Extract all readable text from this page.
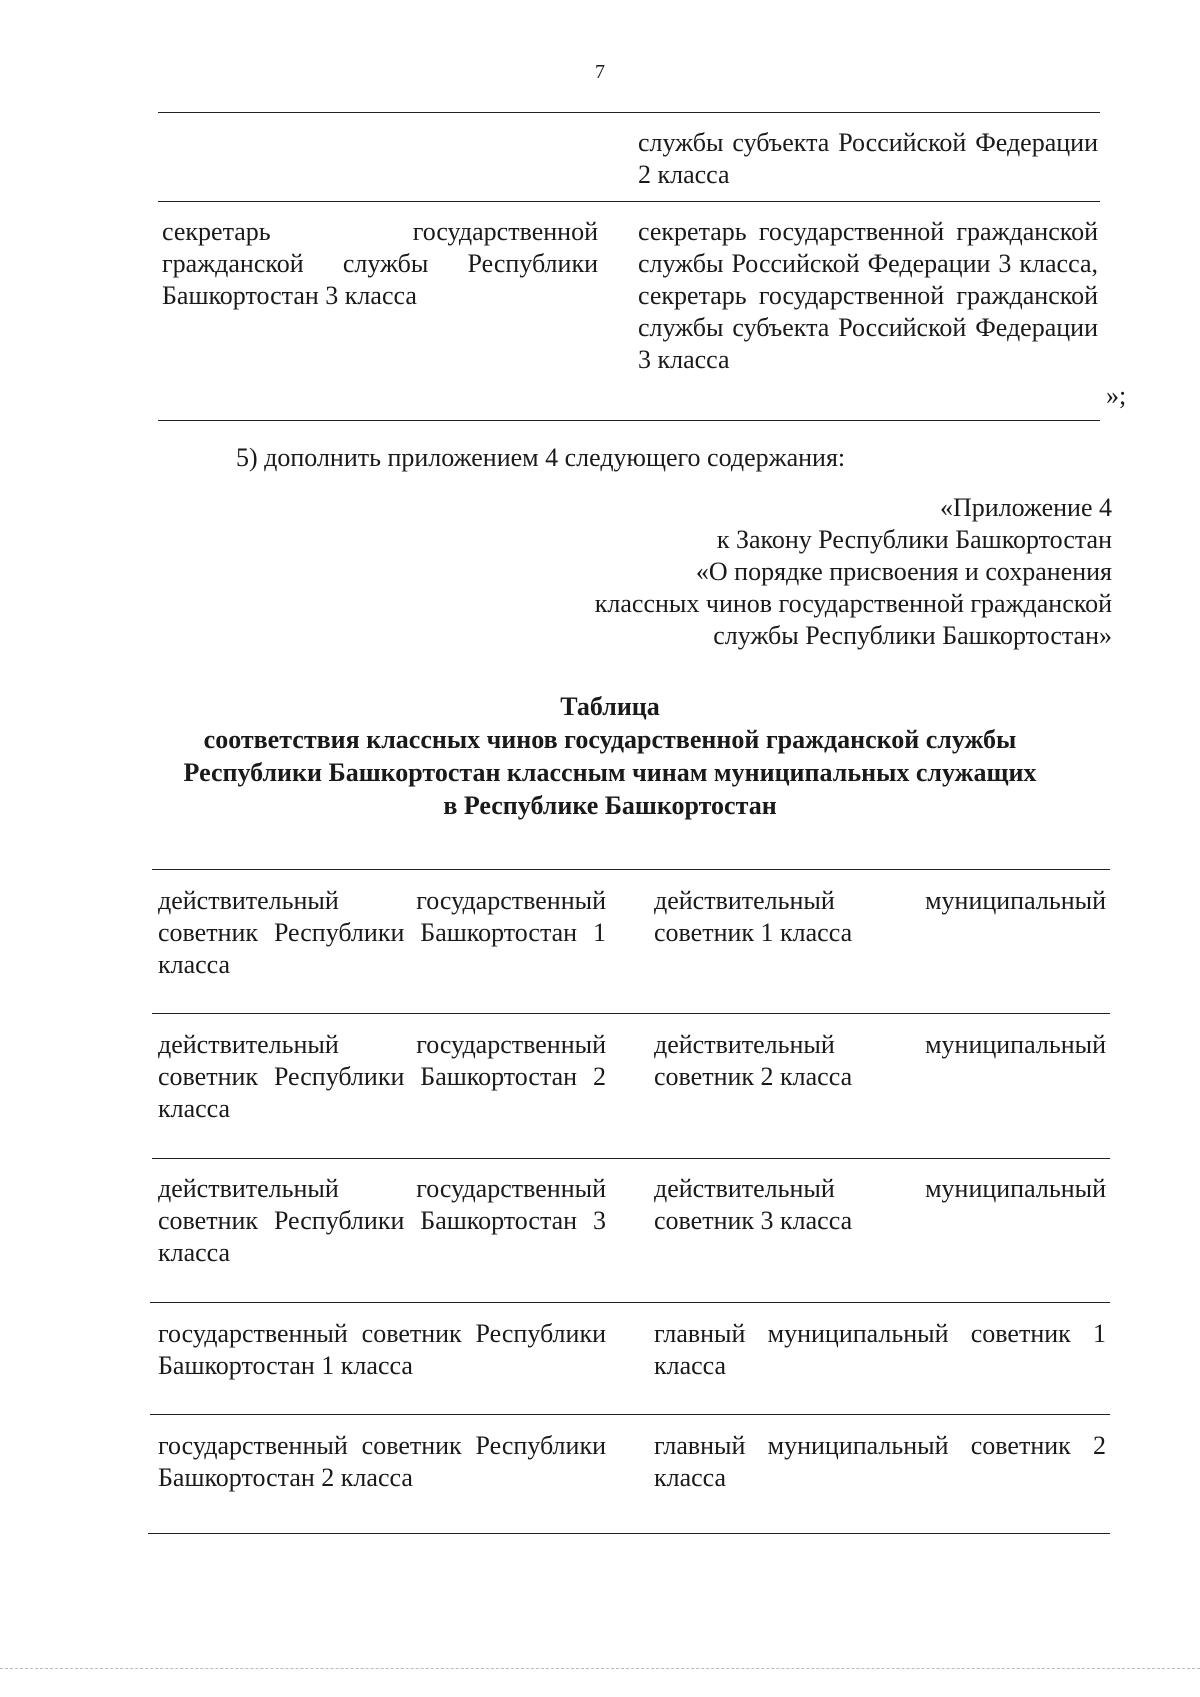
7
службы субъекта Российской Федерации 2 класса
секретарь государственной гражданской службы Республики Башкортостан 3 класса
секретарь государственной гражданской службы Российской Федерации 3 класса, секретарь государственной гражданской службы субъекта Российской Федерации 3 класса
»;
5) дополнить приложением 4 следующего содержания:
«Приложение 4
к Закону Республики Башкортостан
«О порядке присвоения и сохранения
классных чинов государственной гражданской
службы Республики Башкортостан»
Таблица
соответствия классных чинов государственной гражданской службы
Республики Башкортостан классным чинам муниципальных служащих
в Республике Башкортостан
действительный государственный советник Республики Башкортостан 1 класса
действительный муниципальный советник 1 класса
действительный государственный советник Республики Башкортостан 2 класса
действительный муниципальный советник 2 класса
действительный государственный советник Республики Башкортостан 3 класса
действительный муниципальный советник 3 класса
государственный советник Республики Башкортостан 1 класса
главный муниципальный советник 1 класса
государственный советник Республики Башкортостан 2 класса
главный муниципальный советник 2 класса
